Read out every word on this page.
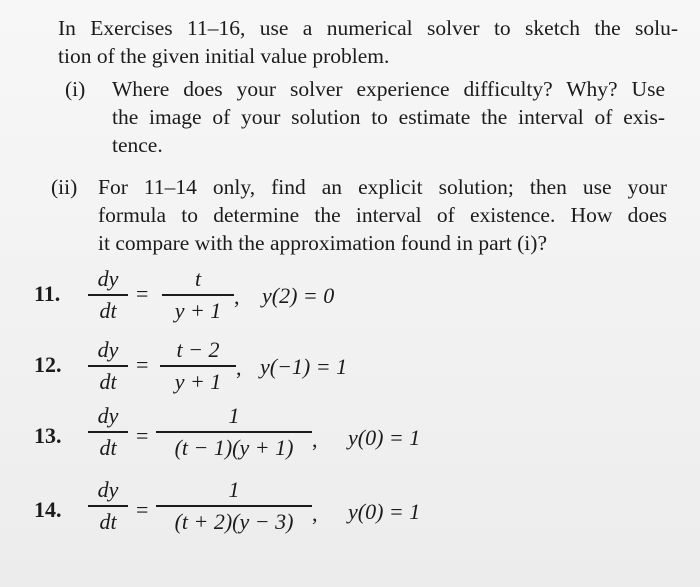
In Exercises 11–16, use a numerical solver to sketch the solu-
tion of the given initial value problem.
(i) Where does your solver experience difficulty? Why? Use
the image of your solution to estimate the interval of exis-
tence.
(ii) For 11–14 only, find an explicit solution; then use your
formula to determine the interval of existence. How does
it compare with the approximation found in part (i)?
11.
dy
dt
=
t
y + 1
, y(2) = 0
12.
dy
dt
=
t − 2
y + 1
, y(−1) = 1
13.
dy
dt =
1
(t − 1)(y + 1) , y(0) = 1
14.
dy
dt =
1
(t + 2)(y − 3) , y(0) = 1
